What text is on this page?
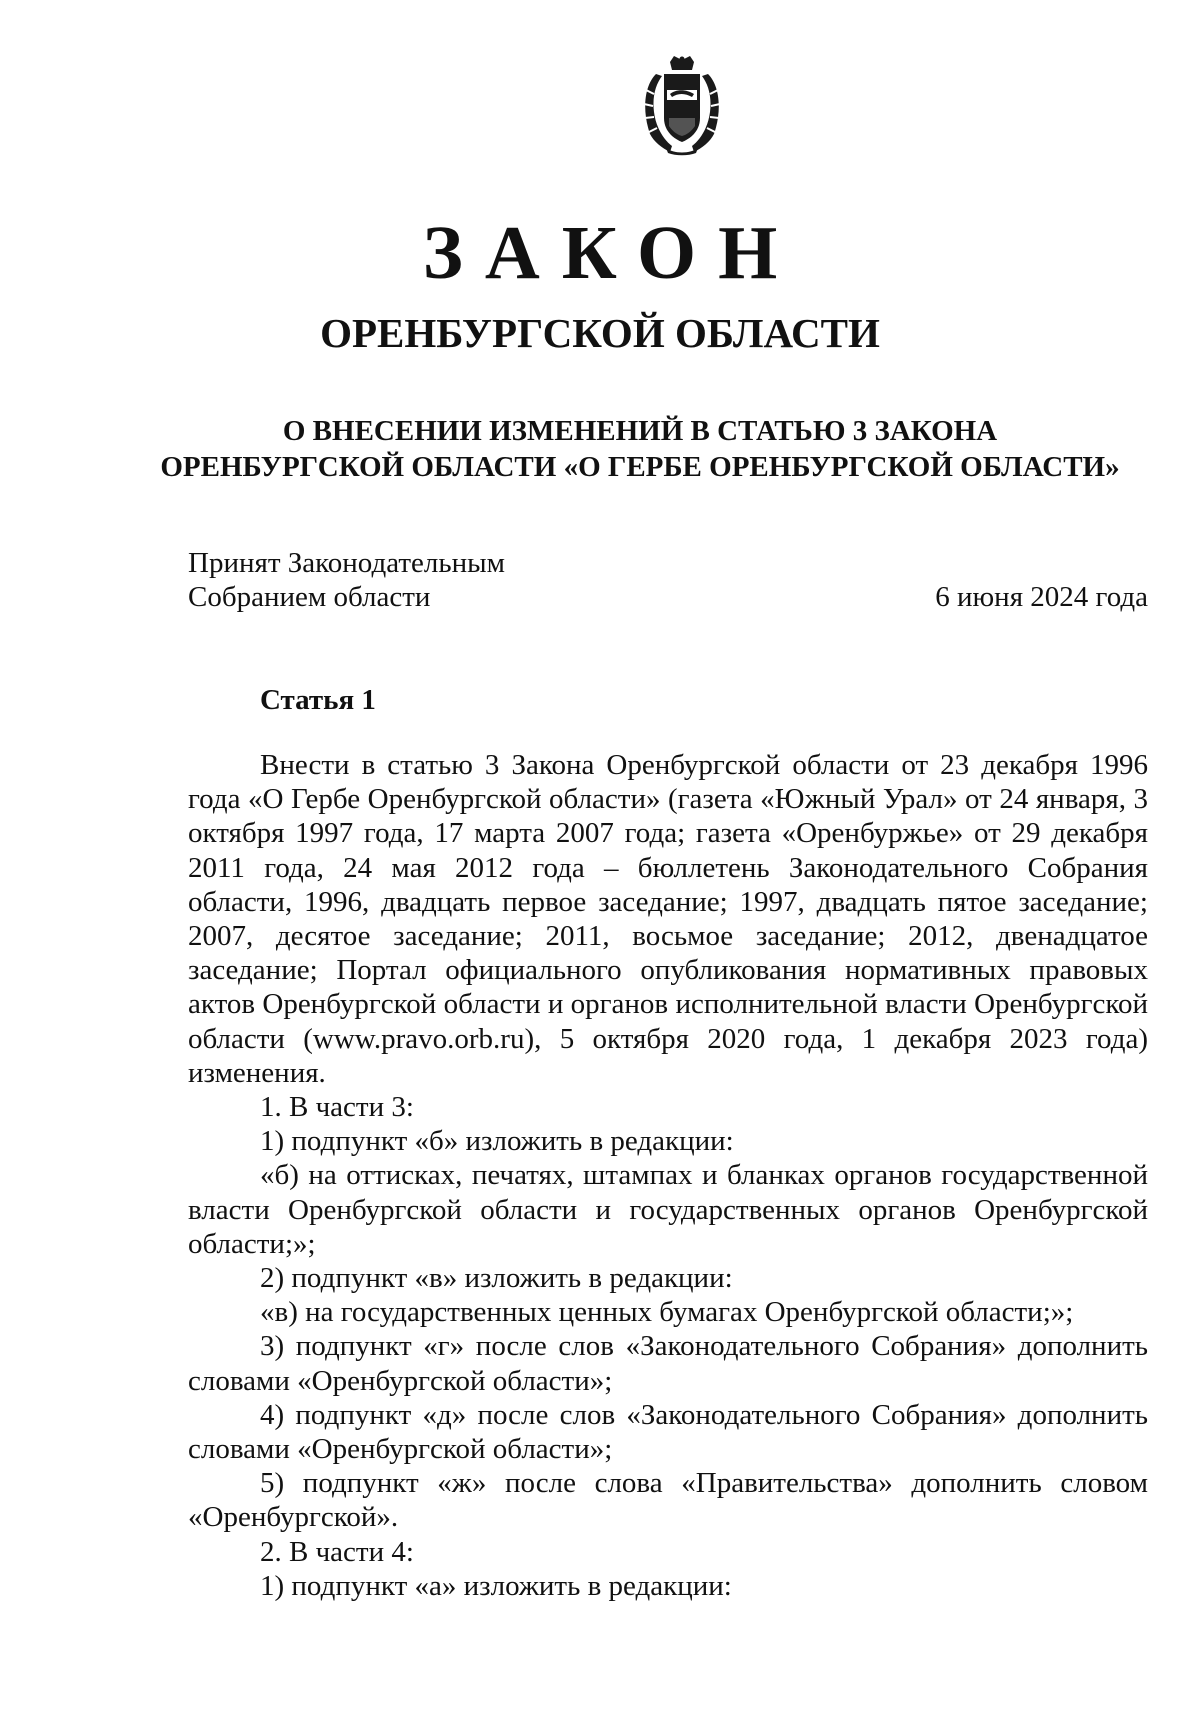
ЗАКОН
ОРЕНБУРГСКОЙ ОБЛАСТИ
О ВНЕСЕНИИ ИЗМЕНЕНИЙ В СТАТЬЮ 3 ЗАКОНА
ОРЕНБУРГСКОЙ ОБЛАСТИ «О ГЕРБЕ ОРЕНБУРГСКОЙ ОБЛАСТИ»
Принят Законодательным
Собранием области	6 июня 2024 года
Статья 1

Внести в статью 3 Закона Оренбургской области от 23 декабря 1996 года «О Гербе Оренбургской области» (газета «Южный Урал» от 24 января, 3 октября 1997 года, 17 марта 2007 года; газета «Оренбуржье» от 29 декабря 2011 года, 24 мая 2012 года – бюллетень Законодательного Собрания области, 1996, двадцать первое заседание; 1997, двадцать пятое заседание; 2007, десятое заседание; 2011, восьмое заседание; 2012, двенадцатое заседание; Портал официального опубликования нормативных правовых актов Оренбургской области и органов исполнительной власти Оренбургской области (www.pravo.orb.ru), 5 октября 2020 года, 1 декабря 2023 года) изменения.

1. В части 3:

1) подпункт «б» изложить в редакции:

«б) на оттисках, печатях, штампах и бланках органов государственной власти Оренбургской области и государственных органов Оренбургской области;»;

2) подпункт «в» изложить в редакции:

«в) на государственных ценных бумагах Оренбургской области;»;

3) подпункт «г» после слов «Законодательного Собрания» дополнить словами «Оренбургской области»;

4) подпункт «д» после слов «Законодательного Собрания» дополнить словами «Оренбургской области»;

5) подпункт «ж» после слова «Правительства» дополнить словом «Оренбургской».

2. В части 4:

1) подпункт «а» изложить в редакции:
